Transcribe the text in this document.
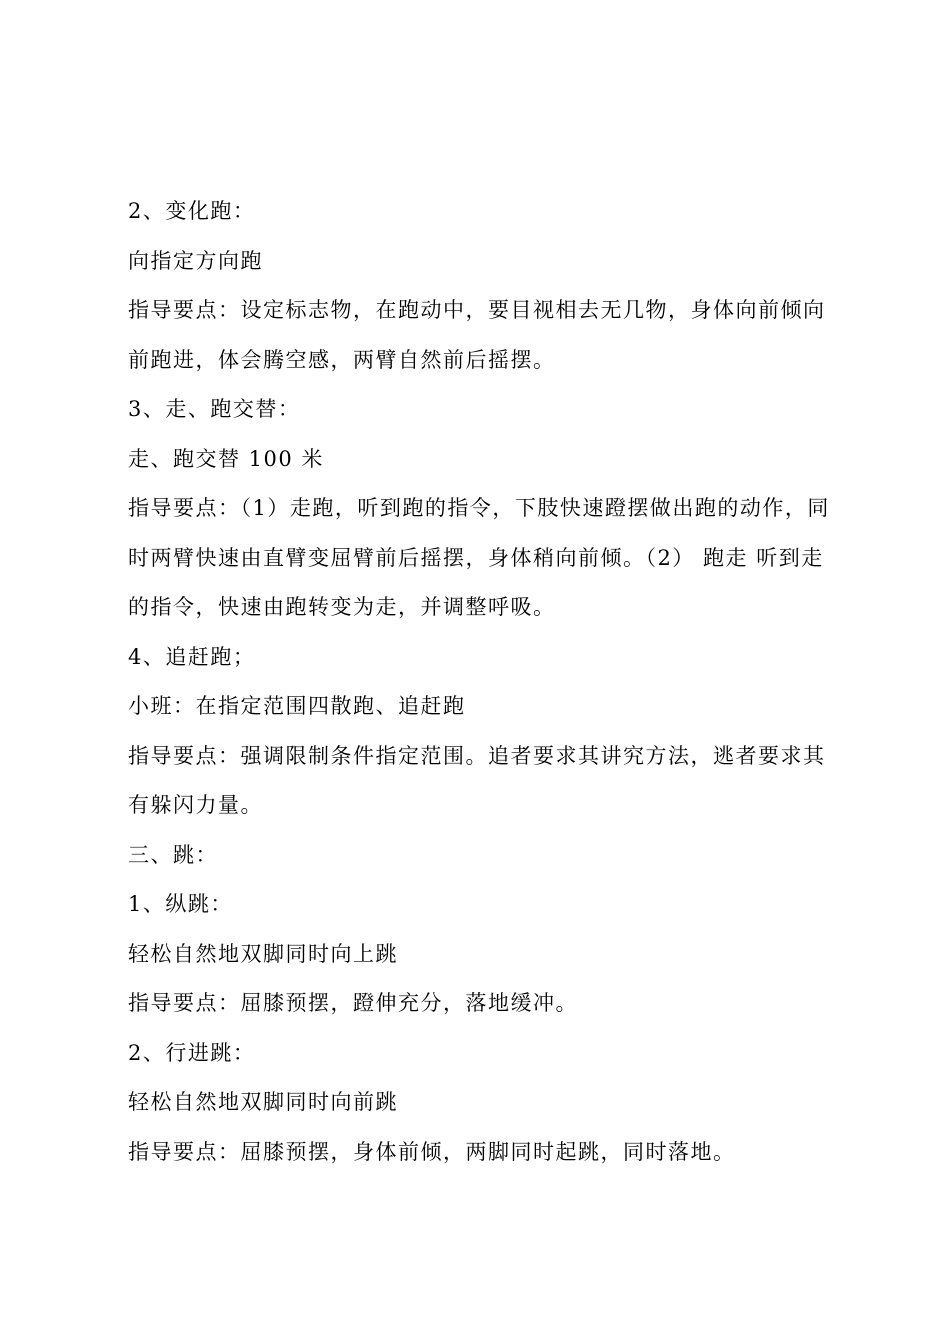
2、变化跑：
向指定方向跑
指导要点：设定标志物，在跑动中，要目视相去无几物，身体向前倾向
前跑进，体会腾空感，两臂自然前后摇摆。
3、走、跑交替：
走、跑交替 100 米
指导要点：（1）走跑，听到跑的指令，下肢快速蹬摆做出跑的动作，同
时两臂快速由直臂变屈臂前后摇摆，身体稍向前倾。（2） 跑走 听到走
的指令，快速由跑转变为走，并调整呼吸。
4、追赶跑；
小班：在指定范围四散跑、追赶跑
指导要点：强调限制条件指定范围。追者要求其讲究方法，逃者要求其
有躲闪力量。
三、跳：
1、纵跳：
轻松自然地双脚同时向上跳
指导要点：屈膝预摆，蹬伸充分，落地缓冲。
2、行进跳：
轻松自然地双脚同时向前跳
指导要点：屈膝预摆，身体前倾，两脚同时起跳，同时落地。
